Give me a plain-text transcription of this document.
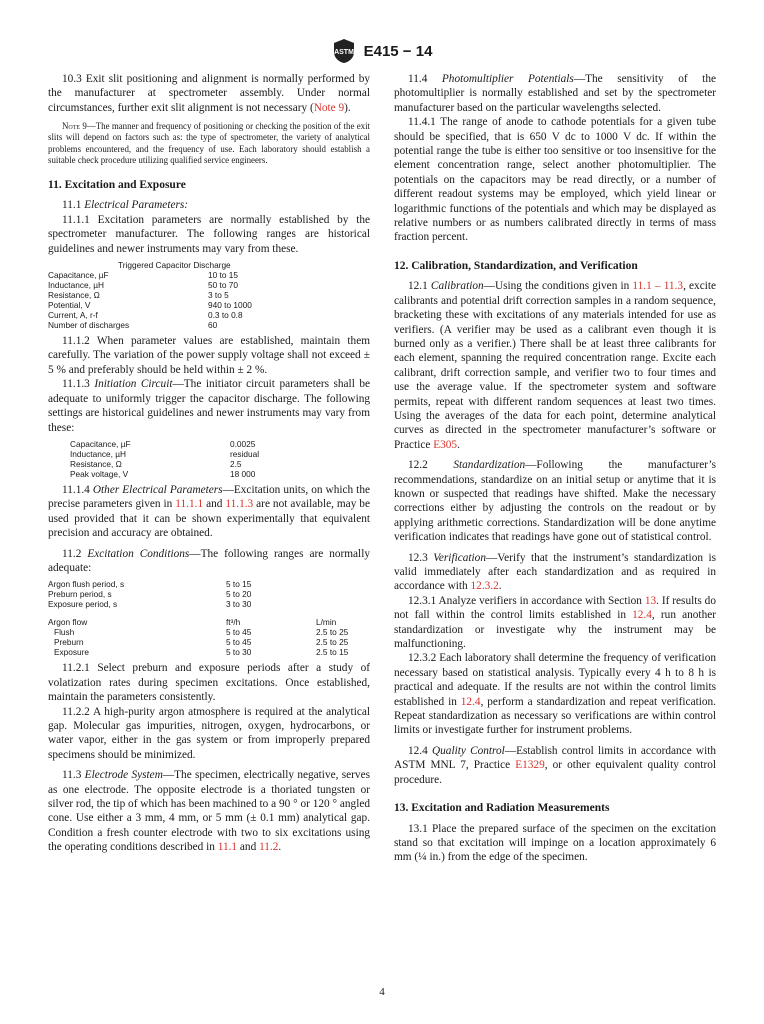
ASTM E415 − 14

10.3 Exit slit positioning and alignment is normally performed by the manufacturer at spectrometer assembly. Under normal circumstances, further exit slit alignment is not necessary (Note 9).

Note 9—The manner and frequency of positioning or checking the position of the exit slits will depend on factors such as: the type of spectrometer, the variety of analytical problems encountered, and the frequency of use. Each laboratory should establish a suitable check procedure utilizing qualified service engineers.
11. Excitation and Exposure

11.1 Electrical Parameters:

11.1.1 Excitation parameters are normally established by the spectrometer manufacturer. The following ranges are historical guidelines and newer instruments may vary from these.

	Triggered Capacitor Discharge

Capacitance, µF	10 to 15
Inductance, µH	50 to 70
Resistance, Ω	3 to 5
Potential, V	940 to 1000
Current, A, r-f	0.3 to 0.8
Number of discharges	60

11.1.2 When parameter values are established, maintain them carefully. The variation of the power supply voltage shall not exceed ± 5 % and preferably should be held within ± 2 %.

11.1.3 Initiation Circuit—The initiator circuit parameters shall be adequate to uniformly trigger the capacitor discharge. The following settings are historical guidelines and newer instruments may vary from these:

Capacitance, µF	0.0025
Inductance, µH	residual
Resistance, Ω	2.5
Peak voltage, V	18 000

11.1.4 Other Electrical Parameters—Excitation units, on which the precise parameters given in 11.1.1 and 11.1.3 are not available, may be used provided that it can be shown experimentally that equivalent precision and accuracy are obtained.

11.2 Excitation Conditions—The following ranges are normally adequate:

Argon flush period, s	5 to 15
Preburn period, s	5 to 20
Exposure period, s	3 to 30
Argon flow	ft³/h	L/min
Flush	5 to 45	2.5 to 25
Preburn	5 to 45	2.5 to 25
Exposure	5 to 30	2.5 to 15

11.2.1 Select preburn and exposure periods after a study of volatization rates during specimen excitations. Once established, maintain the parameters consistently.

11.2.2 A high-purity argon atmosphere is required at the analytical gap. Molecular gas impurities, nitrogen, oxygen, hydrocarbons, or water vapor, either in the gas system or from improperly prepared specimens should be minimized.

11.3 Electrode System—The specimen, electrically negative, serves as one electrode. The opposite electrode is a thoriated tungsten or silver rod, the tip of which has been machined to a 90 ° or 120 ° angled cone. Use either a 3 mm, 4 mm, or 5 mm (± 0.1 mm) analytical gap. Condition a fresh counter electrode with two to six excitations using the operating conditions described in 11.1 and 11.2.

11.4 Photomultiplier Potentials—The sensitivity of the photomultiplier is normally established and set by the spectrometer manufacturer based on the particular wavelengths selected.

11.4.1 The range of anode to cathode potentials for a given tube should be specified, that is 650 V dc to 1000 V dc. If within the potential range the tube is either too sensitive or too insensitive for the element concentration range, select another photomultiplier. The potentials on the capacitors may be read directly, or a number of different readout systems may be employed, which yield linear or logarithmic functions of the potentials and which may be displayed as relative numbers or as numbers calibrated directly in terms of mass fraction percent.

12. Calibration, Standardization, and Verification

12.1 Calibration—Using the conditions given in 11.1 – 11.3, excite calibrants and potential drift correction samples in a random sequence, bracketing these with excitations of any materials intended for use as verifiers. (A verifier may be used as a calibrant even though it is burned only as a verifier.) There shall be at least three calibrants for each element, spanning the required concentration range. Excite each calibrant, drift correction sample, and verifier two to four times and use the average value. If the spectrometer system and software permits, repeat with different random sequences at least two times. Using the averages of the data for each point, determine analytical curves as directed in the spectrometer manufacturer’s software or Practice E305.

12.2 Standardization—Following the manufacturer’s recommendations, standardize on an initial setup or anytime that it is known or suspected that readings have shifted. Make the necessary corrections either by adjusting the controls on the readout or by applying arithmetic corrections. Standardization will be done anytime verification indicates that readings have gone out of statistical control.

12.3 Verification—Verify that the instrument’s standardization is valid immediately after each standardization and as required in accordance with 12.3.2.

12.3.1 Analyze verifiers in accordance with Section 13. If results do not fall within the control limits established in 12.4, run another standardization or investigate why the instrument may be malfunctioning.

12.3.2 Each laboratory shall determine the frequency of verification necessary based on statistical analysis. Typically every 4 h to 8 h is practical and adequate. If the results are not within the control limits established in 12.4, perform a standardization and repeat verification. Repeat standardization as necessary so verifications are within control limits or investigate further for instrument problems.

12.4 Quality Control—Establish control limits in accordance with ASTM MNL 7, Practice E1329, or other equivalent quality control procedure.

13. Excitation and Radiation Measurements

13.1 Place the prepared surface of the specimen on the excitation stand so that excitation will impinge on a location approximately 6 mm (¼ in.) from the edge of the specimen.

4
